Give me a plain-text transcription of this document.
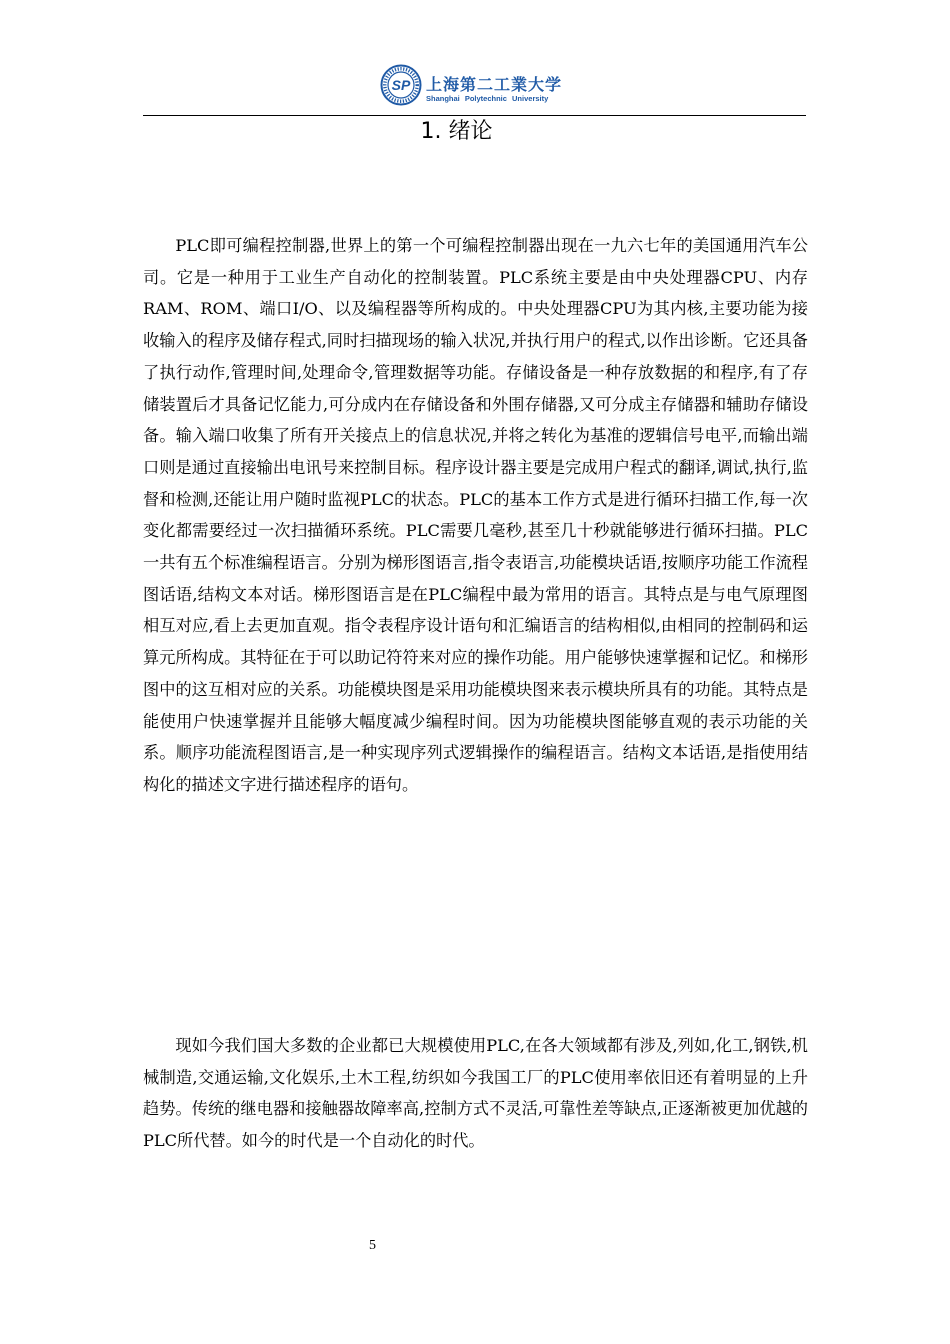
SP 上海第二工業大学
Shanghai Polytechnic University
1. 绪论

PLC即可编程控制器,世界上的第一个可编程控制器出现在一九六七年的美国通用汽车公司。它是一种用于工业生产自动化的控制装置。PLC系统主要是由中央处理器CPU、内存RAM、ROM、端口I/O、以及编程器等所构成的。中央处理器CPU为其内核,主要功能为接收输入的程序及储存程式,同时扫描现场的输入状况,并执行用户的程式,以作出诊断。它还具备了执行动作,管理时间,处理命令,管理数据等功能。存储设备是一种存放数据的和程序,有了存储装置后才具备记忆能力,可分成内在存储设备和外围存储器,又可分成主存储器和辅助存储设备。输入端口收集了所有开关接点上的信息状况,并将之转化为基准的逻辑信号电平,而输出端口则是通过直接输出电讯号来控制目标。程序设计器主要是完成用户程式的翻译,调试,执行,监督和检测,还能让用户随时监视PLC的状态。PLC的基本工作方式是进行循环扫描工作,每一次变化都需要经过一次扫描循环系统。PLC需要几毫秒,甚至几十秒就能够进行循环扫描。PLC一共有五个标准编程语言。分别为梯形图语言,指令表语言,功能模块话语,按顺序功能工作流程图话语,结构文本对话。梯形图语言是在PLC编程中最为常用的语言。其特点是与电气原理图相互对应,看上去更加直观。指令表程序设计语句和汇编语言的结构相似,由相同的控制码和运算元所构成。其特征在于可以助记符符来对应的操作功能。用户能够快速掌握和记忆。和梯形图中的这互相对应的关系。功能模块图是采用功能模块图来表示模块所具有的功能。其特点是能使用户快速掌握并且能够大幅度减少编程时间。因为功能模块图能够直观的表示功能的关系。顺序功能流程图语言,是一种实现序列式逻辑操作的编程语言。结构文本话语,是指使用结构化的描述文字进行描述程序的语句。

现如今我们国大多数的企业都已大规模使用PLC,在各大领域都有涉及,列如,化工,钢铁,机械制造,交通运输,文化娱乐,土木工程,纺织如今我国工厂的PLC使用率依旧还有着明显的上升趋势。传统的继电器和接触器故障率高,控制方式不灵活,可靠性差等缺点,正逐渐被更加优越的PLC所代替。如今的时代是一个自动化的时代。

5
